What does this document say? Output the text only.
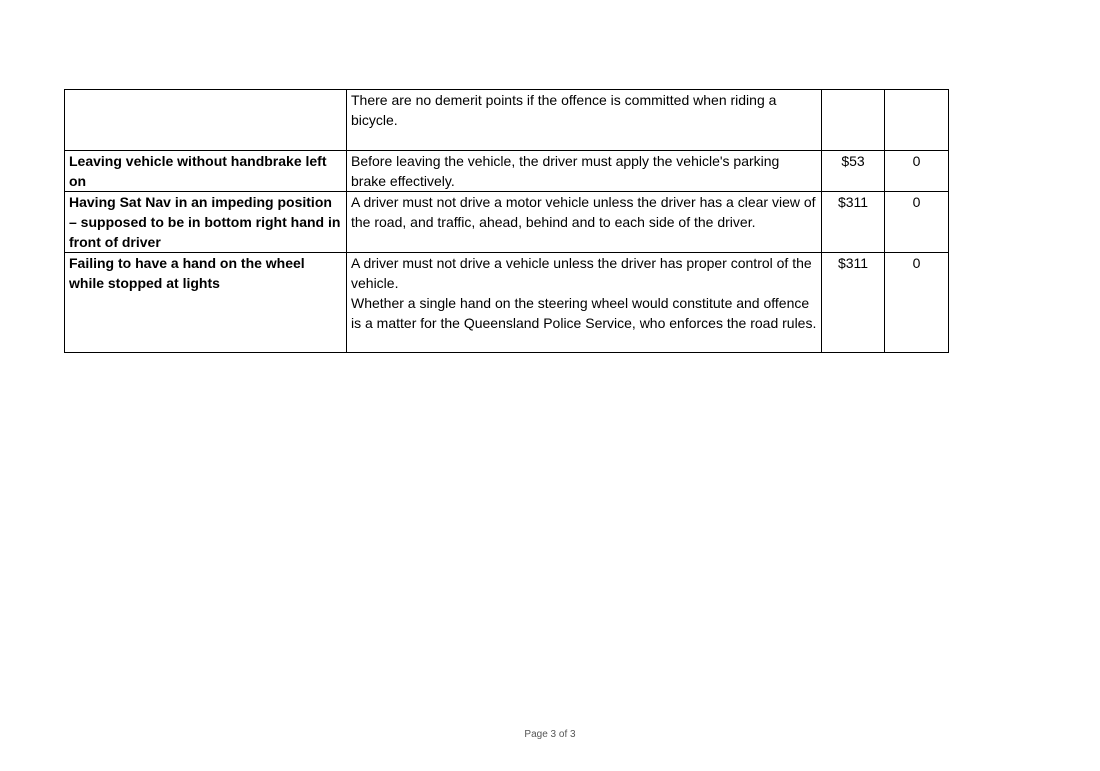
	There are no demerit points if the offence is committed when riding a bicycle.		

Leaving vehicle without handbrake left on	Before leaving the vehicle, the driver must apply the vehicle's parking brake effectively.	$53	0
Having Sat Nav in an impeding position – supposed to be in bottom right hand in front of driver	A driver must not drive a motor vehicle unless the driver has a clear view of the road, and traffic, ahead, behind and to each side of the driver.	$311	0
Failing to have a hand on the wheel while stopped at lights	A driver must not drive a vehicle unless the driver has proper control of the vehicle.
Whether a single hand on the steering wheel would constitute and offence is a matter for the Queensland Police Service, who enforces the road rules.	$311	0
Page 3 of 3
